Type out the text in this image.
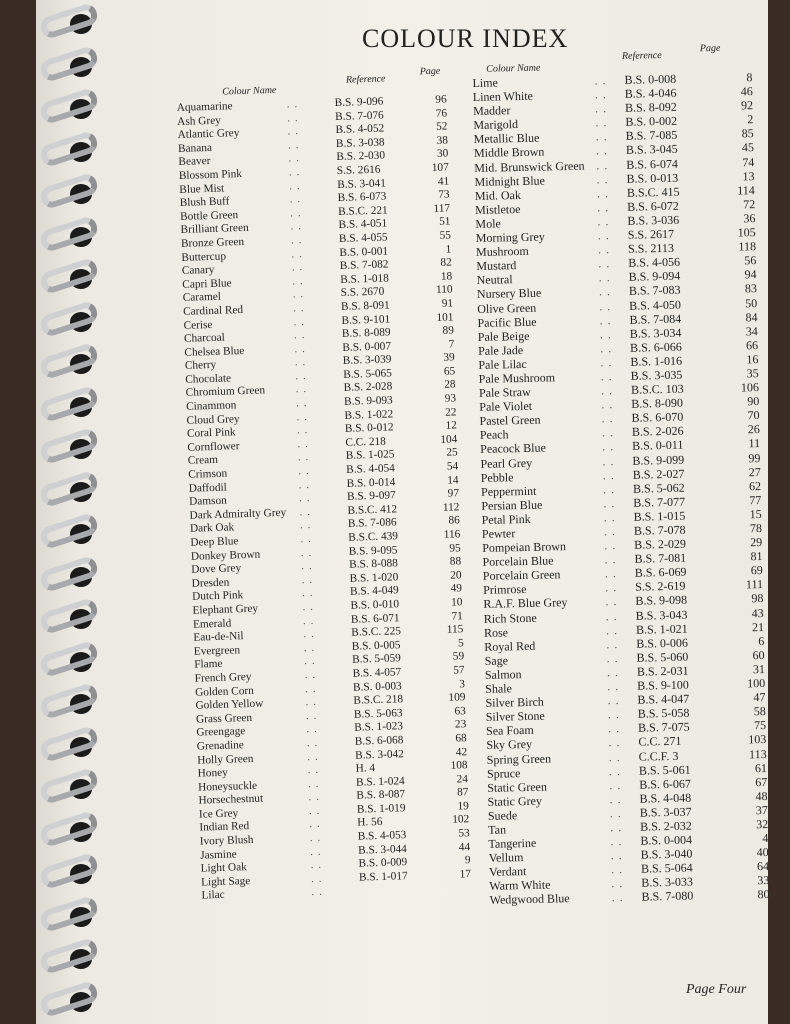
COLOUR INDEX
Colour Name
Reference
Page
Aquamarine	. .	B.S. 9-096	96
Ash Grey	. .	B.S. 7-076	76
Atlantic Grey	. .	B.S. 4-052	52
Banana	. .	B.S. 3-038	38
Beaver	. .	B.S. 2-030	30
Blossom Pink	. .	S.S. 2616	107
Blue Mist	. .	B.S. 3-041	41
Blush Buff	. .	B.S. 6-073	73
Bottle Green	. .	B.S.C. 221	117
Brilliant Green	. .	B.S. 4-051	51
Bronze Green	. .	B.S. 4-055	55
Buttercup	. .	B.S. 0-001	1
Canary	. .	B.S. 7-082	82
Capri Blue	. .	B.S. 1-018	18
Caramel	. .	S.S. 2670	110
Cardinal Red	. .	B.S. 8-091	91
Cerise	. .	B.S. 9-101	101
Charcoal	. .	B.S. 8-089	89
Chelsea Blue	. .	B.S. 0-007	7
Cherry	. .	B.S. 3-039	39
Chocolate	. .	B.S. 5-065	65
Chromium Green	. .	B.S. 2-028	28
Cinammon	. .	B.S. 9-093	93
Cloud Grey	. .	B.S. 1-022	22
Coral Pink	. .	B.S. 0-012	12
Cornflower	. .	C.C. 218	104
Cream	. .	B.S. 1-025	25
Crimson	. .	B.S. 4-054	54
Daffodil	. .	B.S. 0-014	14
Damson	. .	B.S. 9-097	97
Dark Admiralty Grey . .	B.S.C. 412	112
Dark Oak	. .	B.S. 7-086	86
Deep Blue	. .	B.S.C. 439	116
Donkey Brown	. .	B.S. 9-095	95
Dove Grey	. .	B.S. 8-088	88
Dresden	. .	B.S. 1-020	20
Dutch Pink	. .	B.S. 4-049	49
Elephant Grey	. .	B.S. 0-010	10
Emerald	. .	B.S. 6-071	71
Eau-de-Nil	. .	B.S.C. 225	115
Evergreen	. .	B.S. 0-005	5
Flame	. .	B.S. 5-059	59
French Grey	. .	B.S. 4-057	57
Golden Corn	. .	B.S. 0-003	3
Golden Yellow	. .	B.S.C. 218	109
Grass Green	. .	B.S. 5-063	63
Greengage	. .	B.S. 1-023	23
Grenadine	. .	B.S. 6-068	68
Holly Green	. .	B.S. 3-042	42
Honey	. .	H. 4	108
Honeysuckle	. .	B.S. 1-024	24
Horsechestnut	. .	B.S. 8-087	87
Ice Grey	. .	B.S. 1-019	19
Indian Red	. .	H. 56	102
Ivory Blush	. .	B.S. 4-053	53
Jasmine	. .	B.S. 3-044	44
Light Oak	. .	B.S. 0-009	9
Light Sage	. .	B.S. 1-017	17
Lilac	. .
Colour Name
Reference
Page
Lime	. . B.S. 0-008	8
Linen White	. . B.S. 4-046	46
Madder	. . B.S. 8-092	92
Marigold	. . B.S. 0-002	2
Metallic Blue	. . B.S. 7-085	85
Middle Brown	. . B.S. 3-045	45
Mid. Brunswick Green . . B.S. 6-074	74
Midnight Blue	. . B.S. 0-013	13
Mid. Oak	. . B.S.C. 415	114
Mistletoe	. . B.S. 6-072	72
Mole	. . B.S. 3-036	36
Morning Grey	. . S.S. 2617	105
Mushroom	. . S.S. 2113	118
Mustard	. . B.S. 4-056	56
Neutral	. . B.S. 9-094	94
Nursery Blue	. . B.S. 7-083	83
Olive Green	. . B.S. 4-050	50
Pacific Blue	. . B.S. 7-084	84
Pale Beige	. . B.S. 3-034	34
Pale Jade	. . B.S. 6-066	66
Pale Lilac	. . B.S. 1-016	16
Pale Mushroom	. . B.S. 3-035	35
Pale Straw	. . B.S.C. 103	106
Pale Violet	. . B.S. 8-090	90
Pastel Green	. . B.S. 6-070	70
Peach	. . B.S. 2-026	26
Peacock Blue	. . B.S. 0-011	11
Pearl Grey	. . B.S. 9-099	99
Pebble	. . B.S. 2-027	27
Peppermint	. . B.S. 5-062	62
Persian Blue	. . B.S. 7-077	77
Petal Pink	. . B.S. 1-015	15
Pewter	. . B.S. 7-078	78
Pompeian Brown	. . B.S. 2-029	29
Porcelain Blue	. . B.S. 7-081	81
Porcelain Green	. . B.S. 6-069	69
Primrose	. . S.S. 2-619	111
R.A.F. Blue Grey	. . B.S. 9-098	98
Rich Stone	. . B.S. 3-043	43
Rose	. . B.S. 1-021	21
Royal Red	. . B.S. 0-006	6
Sage	. . B.S. 5-060	60
Salmon	. . B.S. 2-031	31
Shale	. . B.S. 9-100	100
Silver Birch	. . B.S. 4-047	47
Silver Stone	. . B.S. 5-058	58
Sea Foam	. . B.S. 7-075	75
Sky Grey	. . C.C. 271	103
Spring Green	. . C.C.F. 3	113
Spruce	. . B.S. 5-061	61
Static Green	. . B.S. 6-067	67
Static Grey	. . B.S. 4-048	48
Suede	. . B.S. 3-037	37
Tan	. . B.S. 2-032	32
Tangerine	. . B.S. 0-004	4
Vellum	. . B.S. 3-040	40
Verdant	. . B.S. 5-064	64
Warm White	. . B.S. 3-033	33
Wedgwood Blue	. . B.S. 7-080	80
Page Four
